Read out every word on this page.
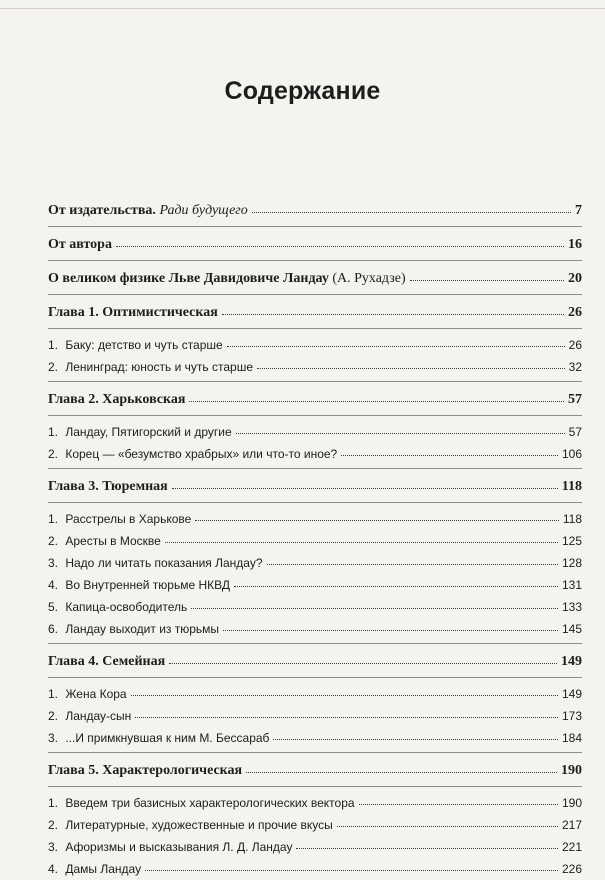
Содержание
От издательства. Ради будущего	7
От автора	16
О великом физике Льве Давидовиче Ландау (А. Рухадзе)	20
Глава 1. Оптимистическая	26
1. Баку: детство и чуть старше	26
2. Ленинград: юность и чуть старше	32
Глава 2. Харьковская	57
1. Ландау, Пятигорский и другие	57
2. Корец — «безумство храбрых» или что-то иное?	106
Глава 3. Тюремная	118
1. Расстрелы в Харькове	118
2. Аресты в Москве	125
3. Надо ли читать показания Ландау?	128
4. Во Внутренней тюрьме НКВД	131
5. Капица-освободитель	133
6. Ландау выходит из тюрьмы	145
Глава 4. Семейная	149
1. Жена Кора	149
2. Ландау-сын	173
3. ...И примкнувшая к ним М. Бессараб	184
Глава 5. Характерологическая	190
1. Введем три базисных характерологических вектора	190
2. Литературные, художественные и прочие вкусы	217
3. Афоризмы и высказывания Л. Д. Ландау	221
4. Дамы Ландау	226
